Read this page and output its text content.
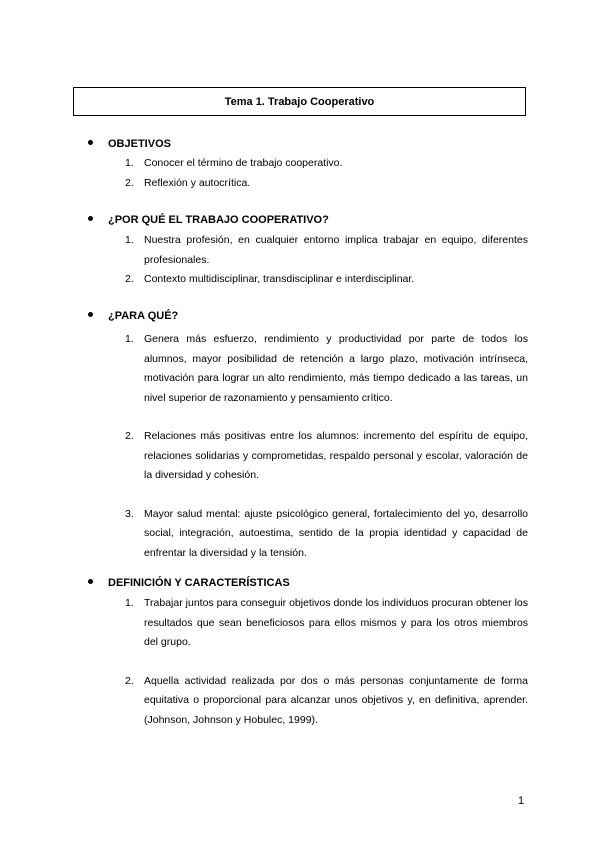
Tema 1. Trabajo Cooperativo
OBJETIVOS
1. Conocer el término de trabajo cooperativo.
2. Reflexión y autocrítica.
¿POR QUÉ EL TRABAJO COOPERATIVO?
1. Nuestra profesión, en cualquier entorno implica trabajar en equipo, diferentes profesionales.
2. Contexto multidisciplinar, transdisciplinar e interdisciplinar.
¿PARA QUÉ?
1. Genera más esfuerzo, rendimiento y productividad por parte de todos los alumnos, mayor posibilidad de retención a largo plazo, motivación intrínseca, motivación para lograr un alto rendimiento, más tiempo dedicado a las tareas, un nivel superior de razonamiento y pensamiento crítico.
2. Relaciones más positivas entre los alumnos: incremento del espíritu de equipo, relaciones solidarias y comprometidas, respaldo personal y escolar, valoración de la diversidad y cohesión.
3. Mayor salud mental: ajuste psicológico general, fortalecimiento del yo, desarrollo social, integración, autoestima, sentido de la propia identidad y capacidad de enfrentar la diversidad y la tensión.
DEFINICIÓN Y CARACTERÍSTICAS
1. Trabajar juntos para conseguir objetivos donde los individuos procuran obtener los resultados que sean beneficiosos para ellos mismos y para los otros miembros del grupo.
2. Aquella actividad realizada por dos o más personas conjuntamente de forma equitativa o proporcional para alcanzar unos objetivos y, en definitiva, aprender. (Johnson, Johnson y Hobulec, 1999).
1
